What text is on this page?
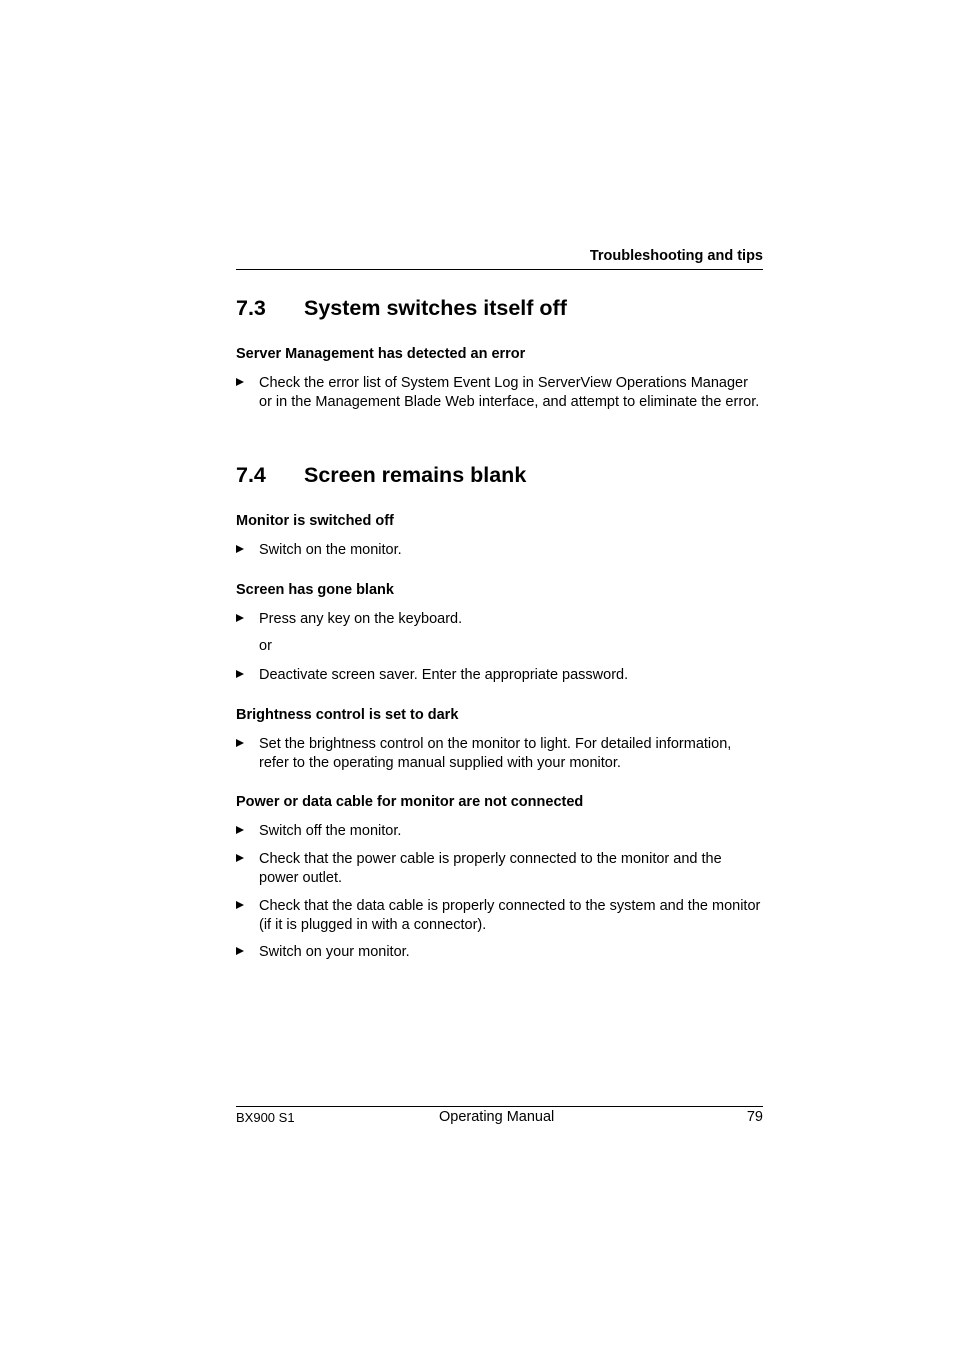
Troubleshooting and tips
7.3 System switches itself off
Server Management has detected an error
Check the error list of System Event Log in ServerView Operations Manager or in the Management Blade Web interface, and attempt to eliminate the error.
7.4 Screen remains blank
Monitor is switched off
Switch on the monitor.
Screen has gone blank
Press any key on the keyboard.
or
Deactivate screen saver. Enter the appropriate password.
Brightness control is set to dark
Set the brightness control on the monitor to light. For detailed information, refer to the operating manual supplied with your monitor.
Power or data cable for monitor are not connected
Switch off the monitor.
Check that the power cable is properly connected to the monitor and the power outlet.
Check that the data cable is properly connected to the system and the monitor (if it is plugged in with a connector).
Switch on your monitor.
BX900 S1	Operating Manual	79
